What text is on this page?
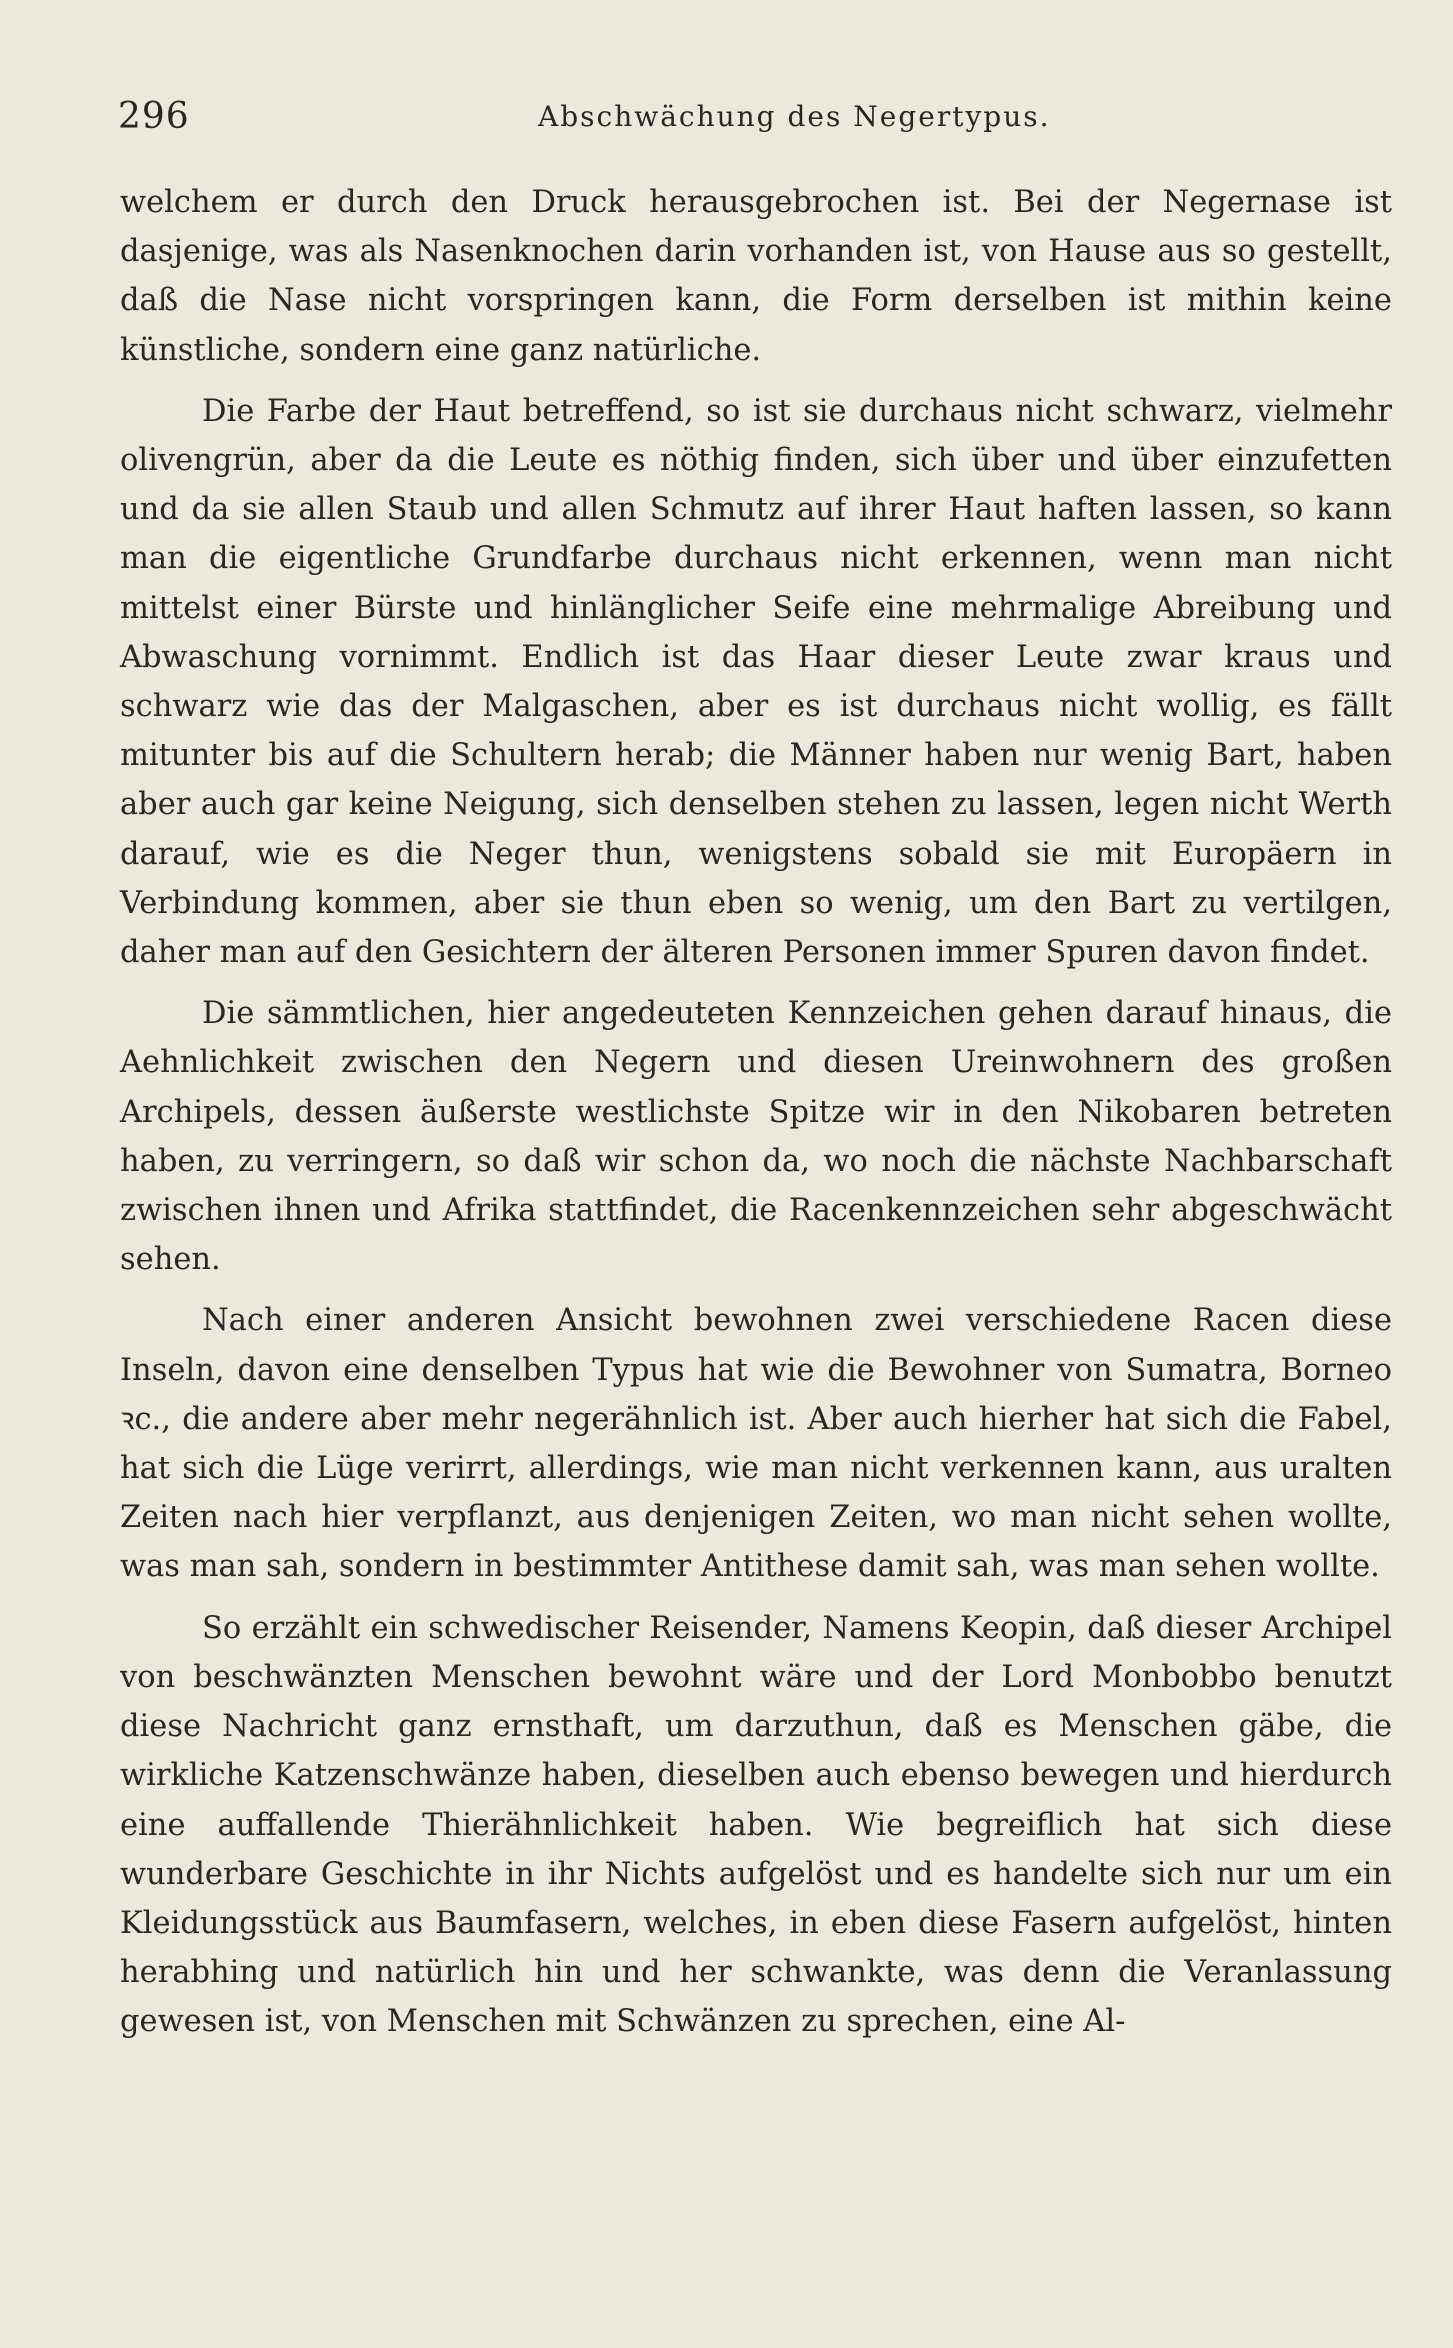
296	Abschwächung des Negertypus.

welchem er durch den Druck herausgebrochen ist. Bei der Negernase ist dasjenige, was als Nasenknochen darin vorhanden ist, von Hause aus so gestellt, daß die Nase nicht vorspringen kann, die Form derselben ist mithin keine künstliche, sondern eine ganz natürliche.

Die Farbe der Haut betreffend, so ist sie durchaus nicht schwarz, vielmehr olivengrün, aber da die Leute es nöthig finden, sich über und über einzufetten und da sie allen Staub und allen Schmutz auf ihrer Haut haften lassen, so kann man die eigentliche Grundfarbe durchaus nicht erkennen, wenn man nicht mittelst einer Bürste und hinlänglicher Seife eine mehrmalige Abreibung und Abwaschung vornimmt. Endlich ist das Haar dieser Leute zwar kraus und schwarz wie das der Malgaschen, aber es ist durchaus nicht wollig, es fällt mitunter bis auf die Schultern herab; die Männer haben nur wenig Bart, haben aber auch gar keine Neigung, sich denselben stehen zu lassen, legen nicht Werth darauf, wie es die Neger thun, wenigstens sobald sie mit Europäern in Verbindung kommen, aber sie thun eben so wenig, um den Bart zu vertilgen, daher man auf den Gesichtern der älteren Personen immer Spuren davon findet.

Die sämmtlichen, hier angedeuteten Kennzeichen gehen darauf hinaus, die Aehnlichkeit zwischen den Negern und diesen Ureinwohnern des großen Archipels, dessen äußerste westlichste Spitze wir in den Nikobaren betreten haben, zu verringern, so daß wir schon da, wo noch die nächste Nachbarschaft zwischen ihnen und Afrika stattfindet, die Racenkennzeichen sehr abgeschwächt sehen.

Nach einer anderen Ansicht bewohnen zwei verschiedene Racen diese Inseln, davon eine denselben Typus hat wie die Bewohner von Sumatra, Borneo ꝛc., die andere aber mehr negerähnlich ist. Aber auch hierher hat sich die Fabel, hat sich die Lüge verirrt, allerdings, wie man nicht verkennen kann, aus uralten Zeiten nach hier verpflanzt, aus denjenigen Zeiten, wo man nicht sehen wollte, was man sah, sondern in bestimmter Antithese damit sah, was man sehen wollte.

So erzählt ein schwedischer Reisender, Namens Keopin, daß dieser Archipel von beschwänzten Menschen bewohnt wäre und der Lord Monbobbo benutzt diese Nachricht ganz ernsthaft, um darzuthun, daß es Menschen gäbe, die wirkliche Katzenschwänze haben, dieselben auch ebenso bewegen und hierdurch eine auffallende Thierähnlichkeit haben. Wie begreiflich hat sich diese wunderbare Geschichte in ihr Nichts aufgelöst und es handelte sich nur um ein Kleidungsstück aus Baumfasern, welches, in eben diese Fasern aufgelöst, hinten herabhing und natürlich hin und her schwankte, was denn die Veranlassung gewesen ist, von Menschen mit Schwänzen zu sprechen, eine Al-
